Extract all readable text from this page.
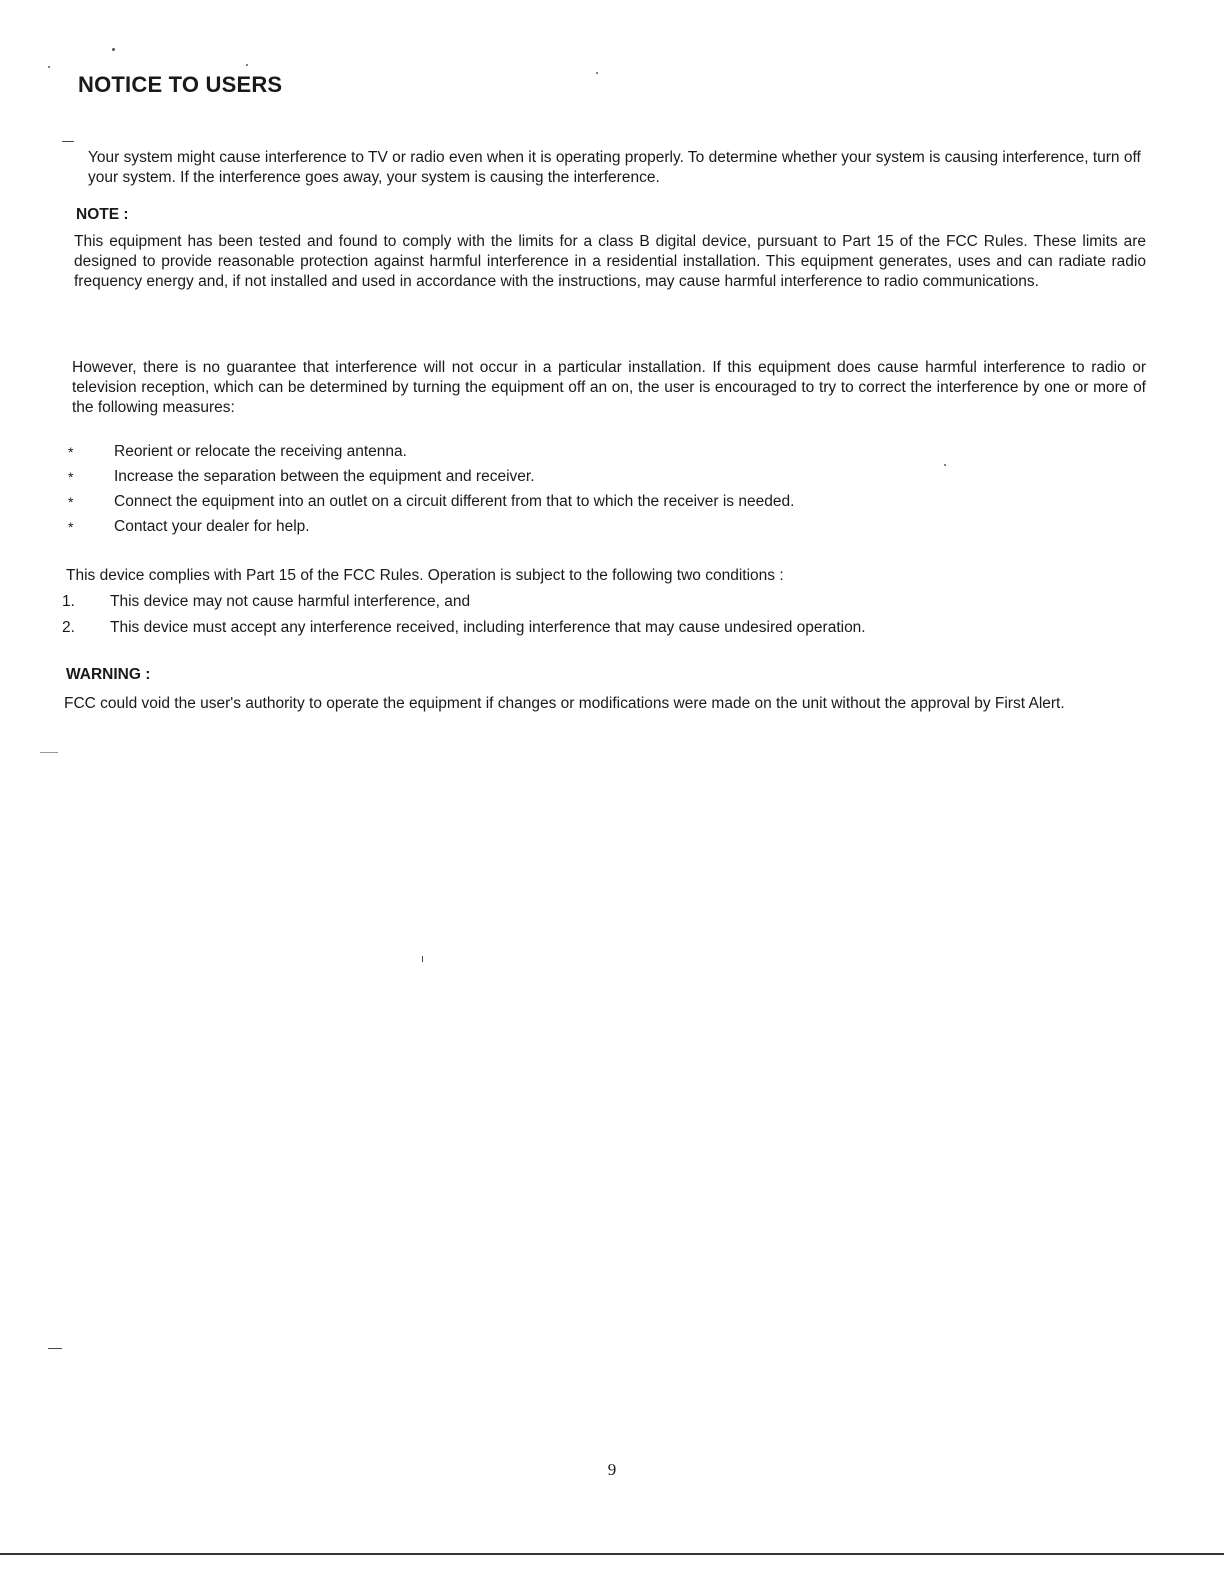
NOTICE TO USERS

Your system might cause interference to TV or radio even when it is operating properly. To determine whether your system is causing interference, turn off your system. If the interference goes away, your system is causing the interference.

NOTE :

This equipment has been tested and found to comply with the limits for a class B digital device, pursuant to Part 15 of the FCC Rules. These limits are designed to provide reasonable protection against harmful interference in a residential installation. This equipment generates, uses and can radiate radio frequency energy and, if not installed and used in accordance with the instructions, may cause harmful interference to radio communications.

However, there is no guarantee that interference will not occur in a particular installation. If this equipment does cause harmful interference to radio or television reception, which can be determined by turning the equipment off an on, the user is encouraged to try to correct the interference by one or more of the following measures:

*	Reorient or relocate the receiving antenna.
*	Increase the separation between the equipment and receiver.
*	Connect the equipment into an outlet on a circuit different from that to which the receiver is needed.
*	Contact your dealer for help.

This device complies with Part 15 of the FCC Rules. Operation is subject to the following two conditions :

1. This device may not cause harmful interference, and
2. This device must accept any interference received, including interference that may cause undesired operation.

WARNING :

FCC could void the user's authority to operate the equipment if changes or modifications were made on the unit without the approval by First Alert.

9
